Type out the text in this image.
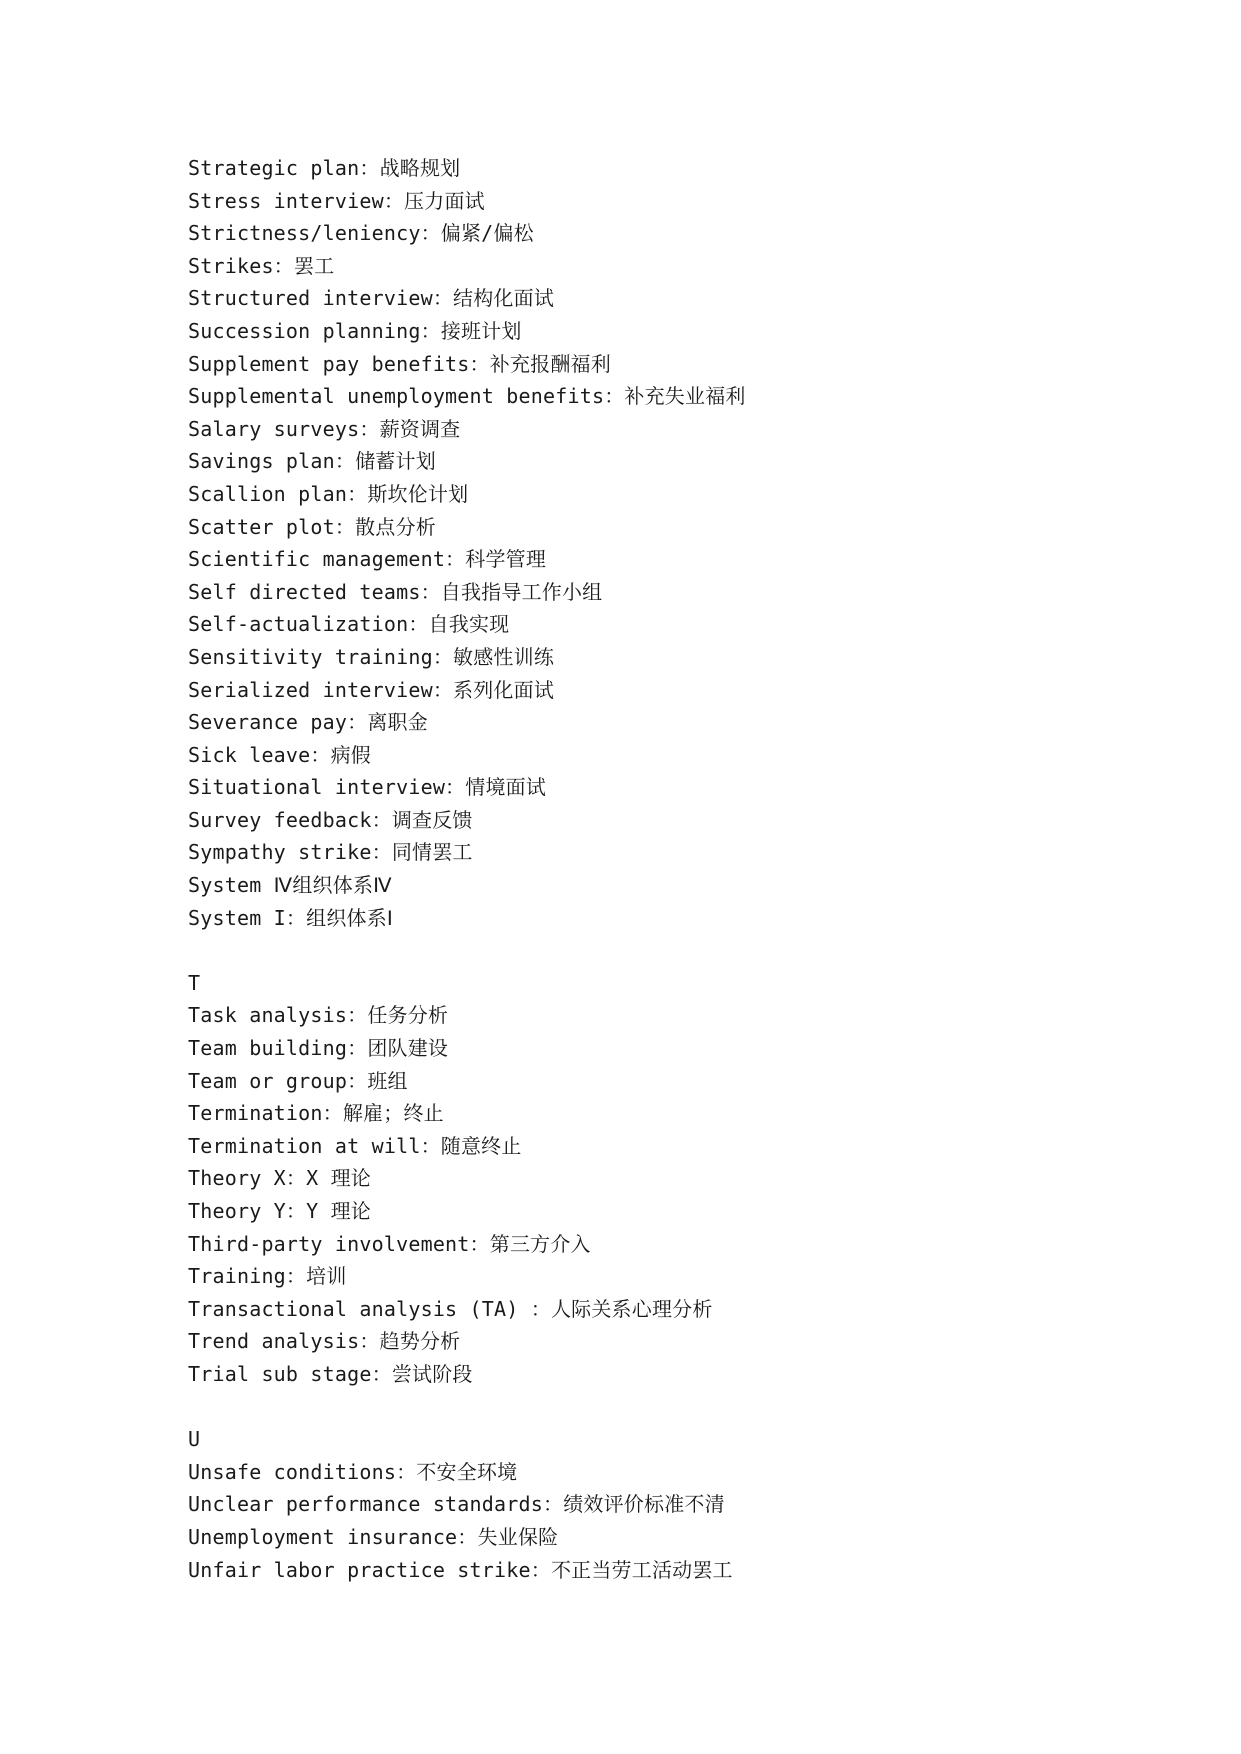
Strategic plan：战略规划
Stress interview：压力面试
Strictness/leniency：偏紧/偏松
Strikes：罢工
Structured interview：结构化面试
Succession planning：接班计划
Supplement pay benefits：补充报酬福利
Supplemental unemployment benefits：补充失业福利
Salary surveys：薪资调查
Savings plan：储蓄计划
Scallion plan：斯坎伦计划
Scatter plot：散点分析
Scientific management：科学管理
Self directed teams：自我指导工作小组
Self-actualization：自我实现
Sensitivity training：敏感性训练
Serialized interview：系列化面试
Severance pay：离职金
Sick leave：病假
Situational interview：情境面试
Survey feedback：调查反馈
Sympathy strike：同情罢工
System Ⅳ组织体系Ⅳ
System I：组织体系Ⅰ
T
Task analysis：任务分析
Team building：团队建设
Team or group：班组
Termination：解雇；终止
Termination at will：随意终止
Theory X：X 理论
Theory Y：Y 理论
Third-party involvement：第三方介入
Training：培训
Transactional analysis (TA) ：人际关系心理分析
Trend analysis：趋势分析
Trial sub stage：尝试阶段
U
Unsafe conditions：不安全环境
Unclear performance standards：绩效评价标准不清
Unemployment insurance：失业保险
Unfair labor practice strike：不正当劳工活动罢工
